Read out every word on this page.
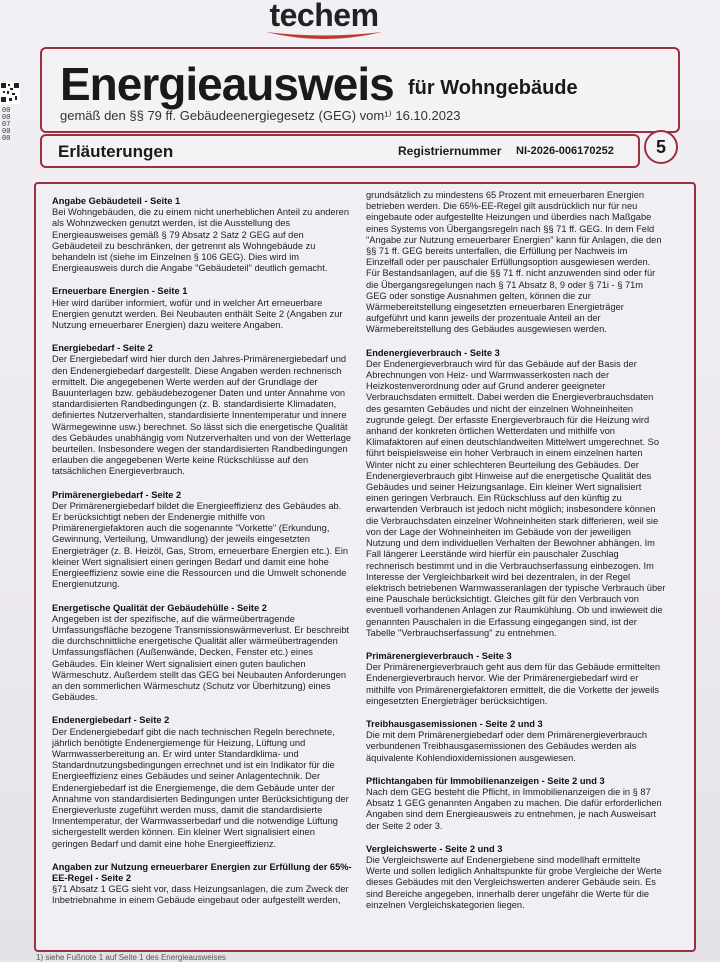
techem
000007 0000
Energieausweis für Wohngebäude
gemäß den §§ 79 ff. Gebäudeenergiegesetz (GEG) vom¹⁾ 16.10.2023
Erläuterungen	Registriernummer NI-2026-006170252	5
Angabe Gebäudeteil - Seite 1
Bei Wohngebäuden, die zu einem nicht unerheblichen Anteil zu anderen als Wohnzwecken genutzt werden, ist die Ausstellung des Energieausweises gemäß § 79 Absatz 2 Satz 2 GEG auf den Gebäudeteil zu beschränken, der getrennt als Wohngebäude zu behandeln ist (siehe im Einzelnen § 106 GEG). Dies wird im Energieausweis durch die Angabe "Gebäudeteil" deutlich gemacht.
Erneuerbare Energien - Seite 1
Hier wird darüber informiert, wofür und in welcher Art erneuerbare Energien genutzt werden. Bei Neubauten enthält Seite 2 (Angaben zur Nutzung erneuerbarer Energien) dazu weitere Angaben.
Energiebedarf - Seite 2
Der Energiebedarf wird hier durch den Jahres-Primärenergiebedarf und den Endenergiebedarf dargestellt. Diese Angaben werden rechnerisch ermittelt. Die angegebenen Werte werden auf der Grundlage der Bauunterlagen bzw. gebäudebezogener Daten und unter Annahme von standardisierten Randbedingungen (z. B. standardisierte Klimadaten, definiertes Nutzerverhalten, standardisierte Innentemperatur und innere Wärmegewinne usw.) berechnet. So lässt sich die energetische Qualität des Gebäudes unabhängig vom Nutzerverhalten und von der Wetterlage beurteilen. Insbesondere wegen der standardisierten Randbedingungen erlauben die angegebenen Werte keine Rückschlüsse auf den tatsächlichen Energieverbrauch.
Primärenergiebedarf - Seite 2
Der Primärenergiebedarf bildet die Energieeffizienz des Gebäudes ab. Er berücksichtigt neben der Endenergie mithilfe von Primärenergiefaktoren auch die sogenannte "Vorkette" (Erkundung, Gewinnung, Verteilung, Umwandlung) der jeweils eingesetzten Energieträger (z. B. Heizöl, Gas, Strom, erneuerbare Energien etc.). Ein kleiner Wert signalisiert einen geringen Bedarf und damit eine hohe Energieeffizienz sowie eine die Ressourcen und die Umwelt schonende Energienutzung.
Energetische Qualität der Gebäudehülle - Seite 2
Angegeben ist der spezifische, auf die wärmeübertragende Umfassungsfläche bezogene Transmissionswärmeverlust. Er beschreibt die durchschnittliche energetische Qualität aller wärmeübertragenden Umfassungsflächen (Außenwände, Decken, Fenster etc.) eines Gebäudes. Ein kleiner Wert signalisiert einen guten baulichen Wärmeschutz. Außerdem stellt das GEG bei Neubauten Anforderungen an den sommerlichen Wärmeschutz (Schutz vor Überhitzung) eines Gebäudes.
Endenergiebedarf - Seite 2
Der Endenergiebedarf gibt die nach technischen Regeln berechnete, jährlich benötigte Endenergiemenge für Heizung, Lüftung und Warmwasserbereitung an. Er wird unter Standardklima- und Standardnutzungsbedingungen errechnet und ist ein Indikator für die Energieeffizienz eines Gebäudes und seiner Anlagentechnik. Der Endenergiebedarf ist die Energiemenge, die dem Gebäude unter der Annahme von standardisierten Bedingungen unter Berücksichtigung der Energieverluste zugeführt werden muss, damit die standardisierte Innentemperatur, der Warmwasserbedarf und die notwendige Lüftung sichergestellt werden können. Ein kleiner Wert signalisiert einen geringen Bedarf und damit eine hohe Energieeffizienz.
Angaben zur Nutzung erneuerbarer Energien zur Erfüllung der 65%-EE-Regel - Seite 2
§71 Absatz 1 GEG sieht vor, dass Heizungsanlagen, die zum Zweck der Inbetriebnahme in einem Gebäude eingebaut oder aufgestellt werden,
grundsätzlich zu mindestens 65 Prozent mit erneuerbaren Energien betrieben werden. Die 65%-EE-Regel gilt ausdrücklich nur für neu eingebaute oder aufgestellte Heizungen und überdies nach Maßgabe eines Systems von Übergangsregeln nach §§ 71 ff. GEG. In dem Feld "Angabe zur Nutzung erneuerbarer Energien" kann für Anlagen, die den §§ 71 ff. GEG bereits unterfallen, die Erfüllung per Nachweis im Einzelfall oder per pauschaler Erfüllungsoption ausgewiesen werden. Für Bestandsanlagen, auf die §§ 71 ff. nicht anzuwenden sind oder für die Übergangsregelungen nach § 71 Absatz 8, 9 oder § 71i - § 71m GEG oder sonstige Ausnahmen gelten, können die zur Wärmebereitstellung eingesetzten erneuerbaren Energieträger aufgeführt und kann jeweils der prozentuale Anteil an der Wärmebereitstellung des Gebäudes ausgewiesen werden.
Endenergieverbrauch - Seite 3
Der Endenergieverbrauch wird für das Gebäude auf der Basis der Abrechnungen von Heiz- und Warmwasserkosten nach der Heizkostenverordnung oder auf Grund anderer geeigneter Verbrauchsdaten ermittelt. Dabei werden die Energieverbrauchsdaten des gesamten Gebäudes und nicht der einzelnen Wohneinheiten zugrunde gelegt. Der erfasste Energieverbrauch für die Heizung wird anhand der konkreten örtlichen Wetterdaten und mithilfe von Klimafaktoren auf einen deutschlandweiten Mittelwert umgerechnet. So führt beispielsweise ein hoher Verbrauch in einem einzelnen harten Winter nicht zu einer schlechteren Beurteilung des Gebäudes. Der Endenergieverbrauch gibt Hinweise auf die energetische Qualität des Gebäudes und seiner Heizungsanlage. Ein kleiner Wert signalisiert einen geringen Verbrauch. Ein Rückschluss auf den künftig zu erwartenden Verbrauch ist jedoch nicht möglich; insbesondere können die Verbrauchsdaten einzelner Wohneinheiten stark differieren, weil sie von der Lage der Wohneinheiten im Gebäude von der jeweiligen Nutzung und dem individuellen Verhalten der Bewohner abhängen. Im Fall längerer Leerstände wird hierfür ein pauschaler Zuschlag rechnerisch bestimmt und in die Verbrauchserfassung einbezogen. Im Interesse der Vergleichbarkeit wird bei dezentralen, in der Regel elektrisch betriebenen Warmwasseranlagen der typische Verbrauch über eine Pauschale berücksichtigt. Gleiches gilt für den Verbrauch von eventuell vorhandenen Anlagen zur Raumkühlung. Ob und inwieweit die genannten Pauschalen in die Erfassung eingegangen sind, ist der Tabelle "Verbrauchserfassung" zu entnehmen.
Primärenergieverbrauch - Seite 3
Der Primärenergieverbrauch geht aus dem für das Gebäude ermittelten Endenergieverbrauch hervor. Wie der Primärenergiebedarf wird er mithilfe von Primärenergiefaktoren ermittelt, die die Vorkette der jeweils eingesetzten Energieträger berücksichtigen.
Treibhausgasemissionen - Seite 2 und 3
Die mit dem Primärenergiebedarf oder dem Primärenergieverbrauch verbundenen Treibhausgasemissionen des Gebäudes werden als äquivalente Kohlendioxidemissionen ausgewiesen.
Pflichtangaben für Immobilienanzeigen - Seite 2 und 3
Nach dem GEG besteht die Pflicht, in Immobilienanzeigen die in § 87 Absatz 1 GEG genannten Angaben zu machen. Die dafür erforderlichen Angaben sind dem Energieausweis zu entnehmen, je nach Ausweisart der Seite 2 oder 3.
Vergleichswerte - Seite 2 und 3
Die Vergleichswerte auf Endenergiebene sind modellhaft ermittelte Werte und sollen lediglich Anhaltspunkte für grobe Vergleiche der Werte dieses Gebäudes mit den Vergleichswerten anderer Gebäude sein. Es sind Bereiche angegeben, innerhalb derer ungefähr die Werte für die einzelnen Vergleichskategorien liegen.
1) siehe Fußnote 1 auf Seite 1 des Energieausweises
